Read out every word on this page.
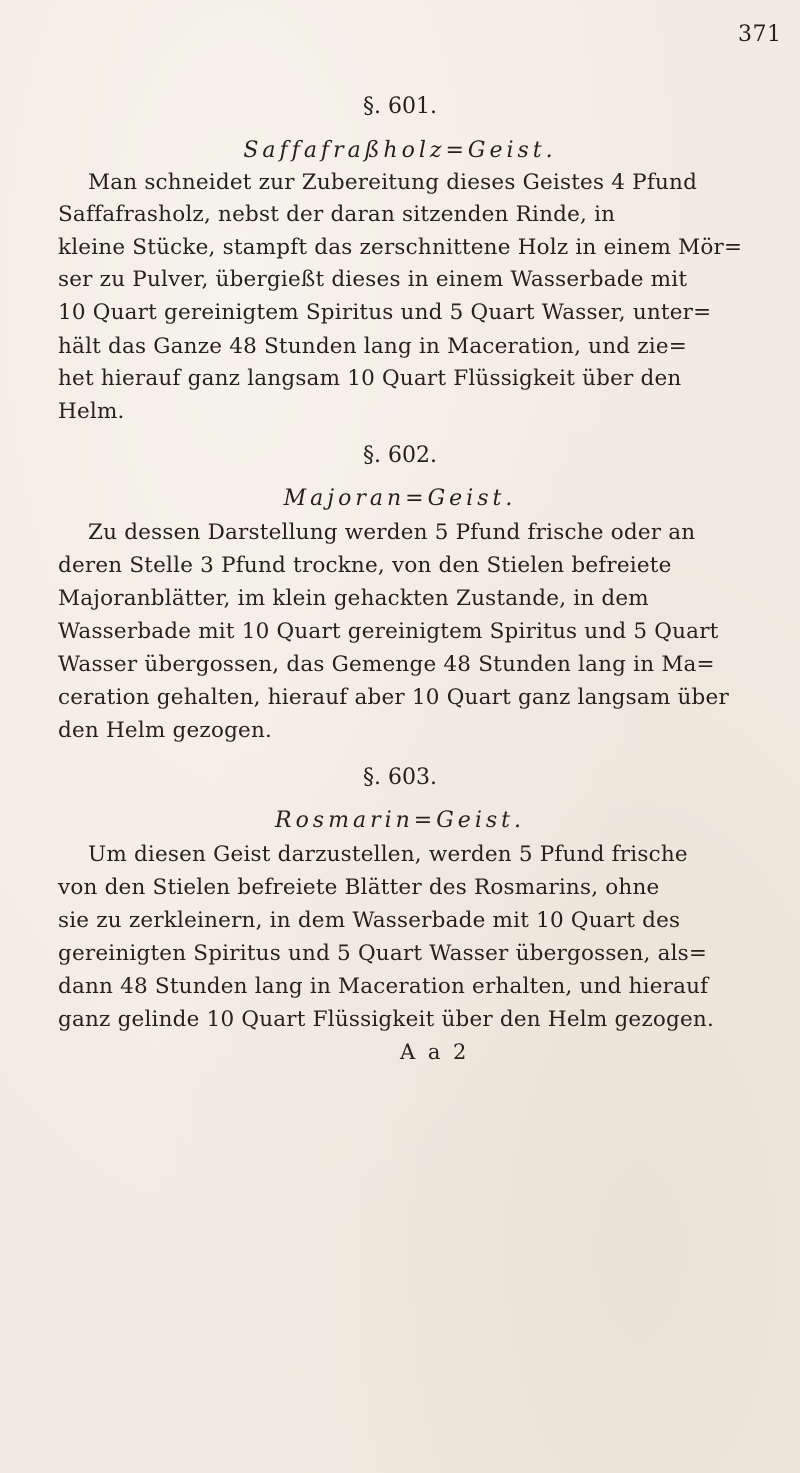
371
§. 601.
Saffafraßholz=Geist.
Man schneidet zur Zubereitung dieses Geistes 4 Pfund
Saffafrasholz, nebst der daran sitzenden Rinde, in
kleine Stücke, stampft das zerschnittene Holz in einem Mör=
ser zu Pulver, übergießt dieses in einem Wasserbade mit
10 Quart gereinigtem Spiritus und 5 Quart Wasser, unter=
hält das Ganze 48 Stunden lang in Maceration, und zie=
het hierauf ganz langsam 10 Quart Flüssigkeit über den
Helm.
§. 602.
Majoran=Geist.
Zu dessen Darstellung werden 5 Pfund frische oder an
deren Stelle 3 Pfund trockne, von den Stielen befreiete
Majoranblätter, im klein gehackten Zustande, in dem
Wasserbade mit 10 Quart gereinigtem Spiritus und 5 Quart
Wasser übergossen, das Gemenge 48 Stunden lang in Ma=
ceration gehalten, hierauf aber 10 Quart ganz langsam über
den Helm gezogen.
§. 603.
Rosmarin=Geist.
Um diesen Geist darzustellen, werden 5 Pfund frische
von den Stielen befreiete Blätter des Rosmarins, ohne
sie zu zerkleinern, in dem Wasserbade mit 10 Quart des
gereinigten Spiritus und 5 Quart Wasser übergossen, als=
dann 48 Stunden lang in Maceration erhalten, und hierauf
ganz gelinde 10 Quart Flüssigkeit über den Helm gezogen.
A a 2
